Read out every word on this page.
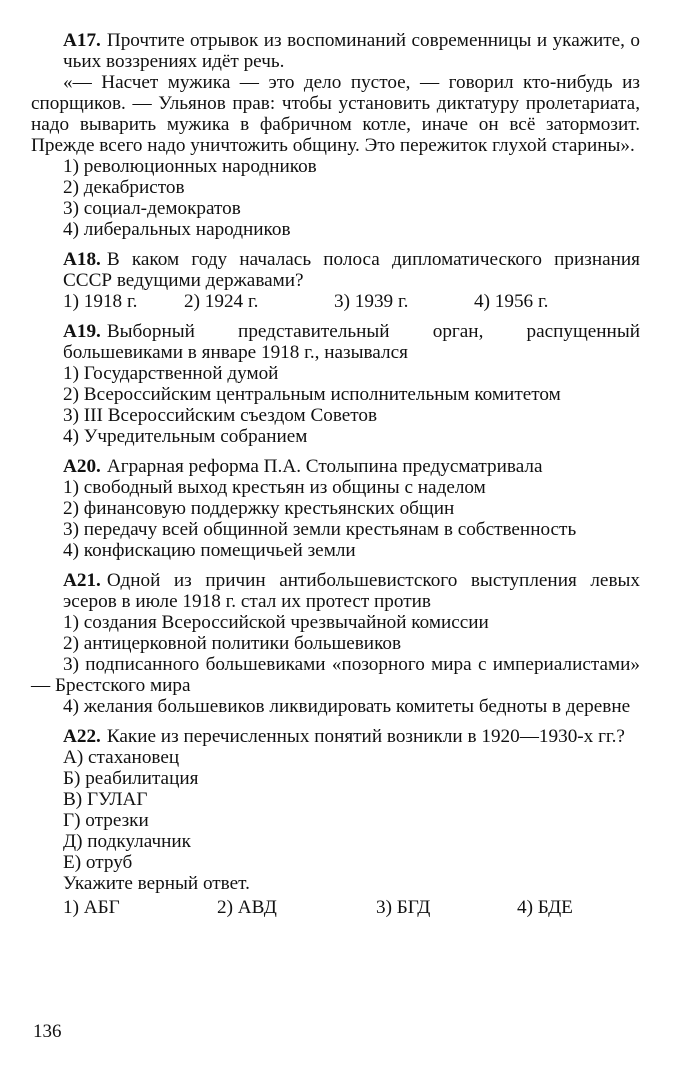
А17. Прочтите отрывок из воспоминаний современницы и укажите, о чьих воззрениях идёт речь.

«— Насчет мужика — это дело пустое, — говорил кто-нибудь из спорщиков. — Ульянов прав: чтобы установить диктатуру пролетариата, надо выварить мужика в фабричном котле, иначе он всё затормозит. Прежде всего надо уничтожить общину. Это пережиток глухой старины».

1) революционных народников

2) декабристов

3) социал-демократов

4) либеральных народников

А18. В каком году началась полоса дипломатического признания СССР ведущими державами?

1) 1918 г.	2) 1924 г.	3) 1939 г.	4) 1956 г.

А19. Выборный представительный орган, распущенный большевиками в январе 1918 г., назывался

1) Государственной думой

2) Всероссийским центральным исполнительным комитетом

3) III Всероссийским съездом Советов

4) Учредительным собранием

А20. Аграрная реформа П.А. Столыпина предусматривала

1) свободный выход крестьян из общины с наделом

2) финансовую поддержку крестьянских общин

3) передачу всей общинной земли крестьянам в собственность

4) конфискацию помещичьей земли

А21. Одной из причин антибольшевистского выступления левых эсеров в июле 1918 г. стал их протест против

1) создания Всероссийской чрезвычайной комиссии

2) антицерковной политики большевиков

3) подписанного большевиками «позорного мира с империалистами» — Брестского мира

4) желания большевиков ликвидировать комитеты бедноты в деревне

А22. Какие из перечисленных понятий возникли в 1920—1930-х гг.?

А) стахановец

Б) реабилитация

В) ГУЛАГ

Г) отрезки

Д) подкулачник

Е) отруб

Укажите верный ответ.

1) АБГ	2) АВД	3) БГД	4) БДЕ
136
